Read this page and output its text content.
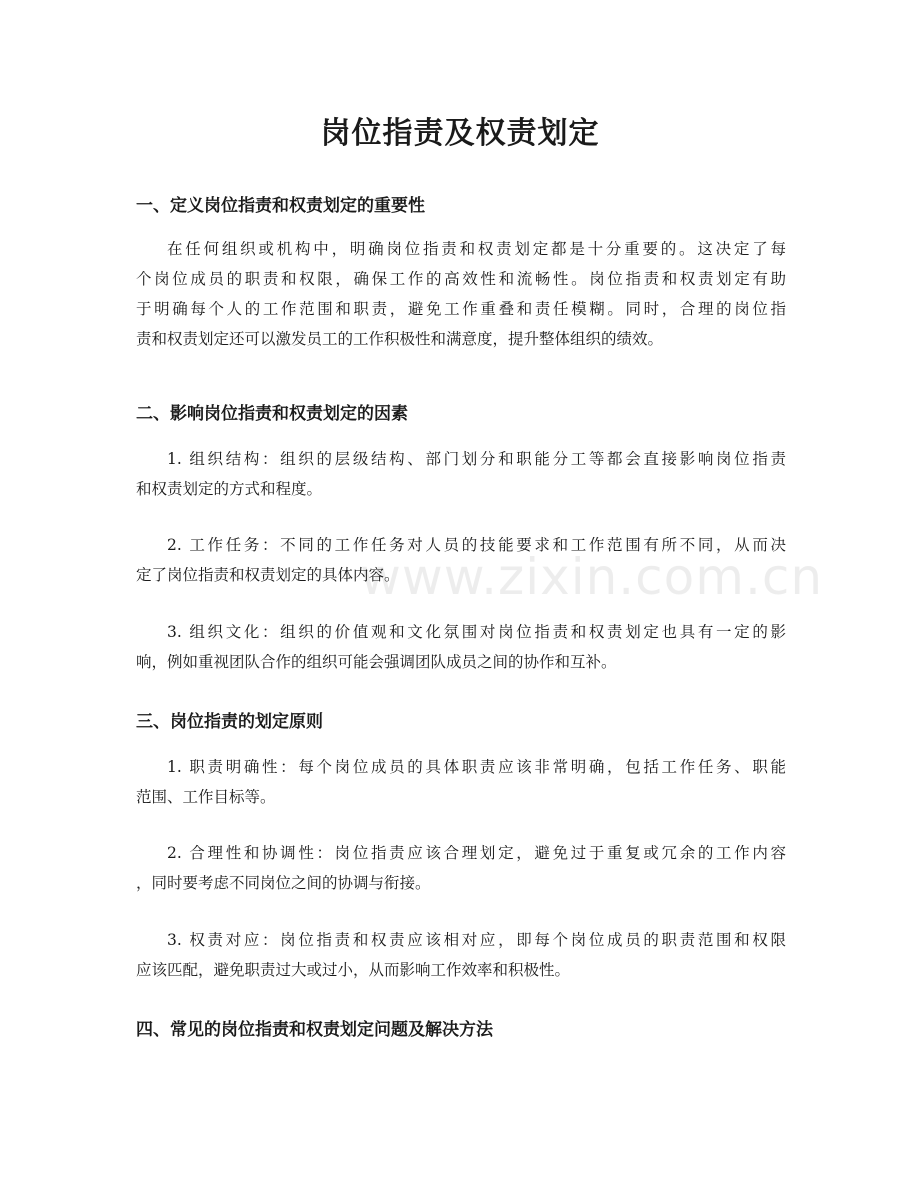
岗位指责及权责划定
www.zixin.com.cn
一、定义岗位指责和权责划定的重要性

在任何组织或机构中，明确岗位指责和权责划定都是十分重要的。这决定了每
个岗位成员的职责和权限，确保工作的高效性和流畅性。岗位指责和权责划定有助
于明确每个人的工作范围和职责，避免工作重叠和责任模糊。同时，合理的岗位指
责和权责划定还可以激发员工的工作积极性和满意度，提升整体组织的绩效。

二、影响岗位指责和权责划定的因素

1. 组织结构：组织的层级结构、部门划分和职能分工等都会直接影响岗位指责
和权责划定的方式和程度。

2. 工作任务：不同的工作任务对人员的技能要求和工作范围有所不同，从而决
定了岗位指责和权责划定的具体内容。

3. 组织文化：组织的价值观和文化氛围对岗位指责和权责划定也具有一定的影
响，例如重视团队合作的组织可能会强调团队成员之间的协作和互补。

三、岗位指责的划定原则

1. 职责明确性：每个岗位成员的具体职责应该非常明确，包括工作任务、职能
范围、工作目标等。

2. 合理性和协调性：岗位指责应该合理划定，避免过于重复或冗余的工作内容
，同时要考虑不同岗位之间的协调与衔接。

3. 权责对应：岗位指责和权责应该相对应，即每个岗位成员的职责范围和权限
应该匹配，避免职责过大或过小，从而影响工作效率和积极性。

四、常见的岗位指责和权责划定问题及解决方法
